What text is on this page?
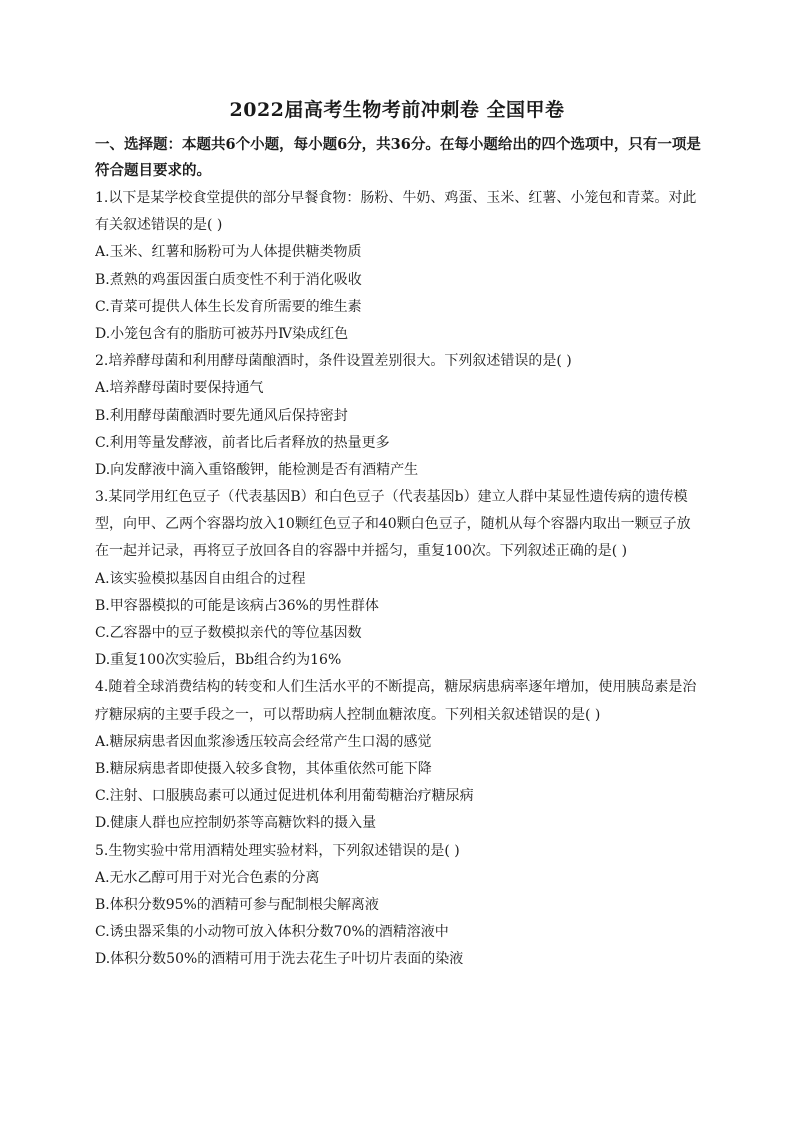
2022届高考生物考前冲刺卷 全国甲卷
一、选择题：本题共6个小题，每小题6分，共36分。在每小题给出的四个选项中，只有一项是
符合题目要求的。
1.以下是某学校食堂提供的部分早餐食物：肠粉、牛奶、鸡蛋、玉米、红薯、小笼包和青菜。对此
有关叙述错误的是( )
A.玉米、红薯和肠粉可为人体提供糖类物质
B.煮熟的鸡蛋因蛋白质变性不利于消化吸收
C.青菜可提供人体生长发育所需要的维生素
D.小笼包含有的脂肪可被苏丹Ⅳ染成红色
2.培养酵母菌和利用酵母菌酿酒时，条件设置差别很大。下列叙述错误的是( )
A.培养酵母菌时要保持通气
B.利用酵母菌酿酒时要先通风后保持密封
C.利用等量发酵液，前者比后者释放的热量更多
D.向发酵液中滴入重铬酸钾，能检测是否有酒精产生
3.某同学用红色豆子（代表基因B）和白色豆子（代表基因b）建立人群中某显性遗传病的遗传模
型，向甲、乙两个容器均放入10颗红色豆子和40颗白色豆子，随机从每个容器内取出一颗豆子放
在一起并记录，再将豆子放回各自的容器中并摇匀，重复100次。下列叙述正确的是( )
A.该实验模拟基因自由组合的过程
B.甲容器模拟的可能是该病占36%的男性群体
C.乙容器中的豆子数模拟亲代的等位基因数
D.重复100次实验后，Bb组合约为16%
4.随着全球消费结构的转变和人们生活水平的不断提高，糖尿病患病率逐年增加，使用胰岛素是治
疗糖尿病的主要手段之一，可以帮助病人控制血糖浓度。下列相关叙述错误的是( )
A.糖尿病患者因血浆渗透压较高会经常产生口渴的感觉
B.糖尿病患者即使摄入较多食物，其体重依然可能下降
C.注射、口服胰岛素可以通过促进机体利用葡萄糖治疗糖尿病
D.健康人群也应控制奶茶等高糖饮料的摄入量
5.生物实验中常用酒精处理实验材料，下列叙述错误的是( )
A.无水乙醇可用于对光合色素的分离
B.体积分数95%的酒精可参与配制根尖解离液
C.诱虫器采集的小动物可放入体积分数70%的酒精溶液中
D.体积分数50%的酒精可用于洗去花生子叶切片表面的染液
